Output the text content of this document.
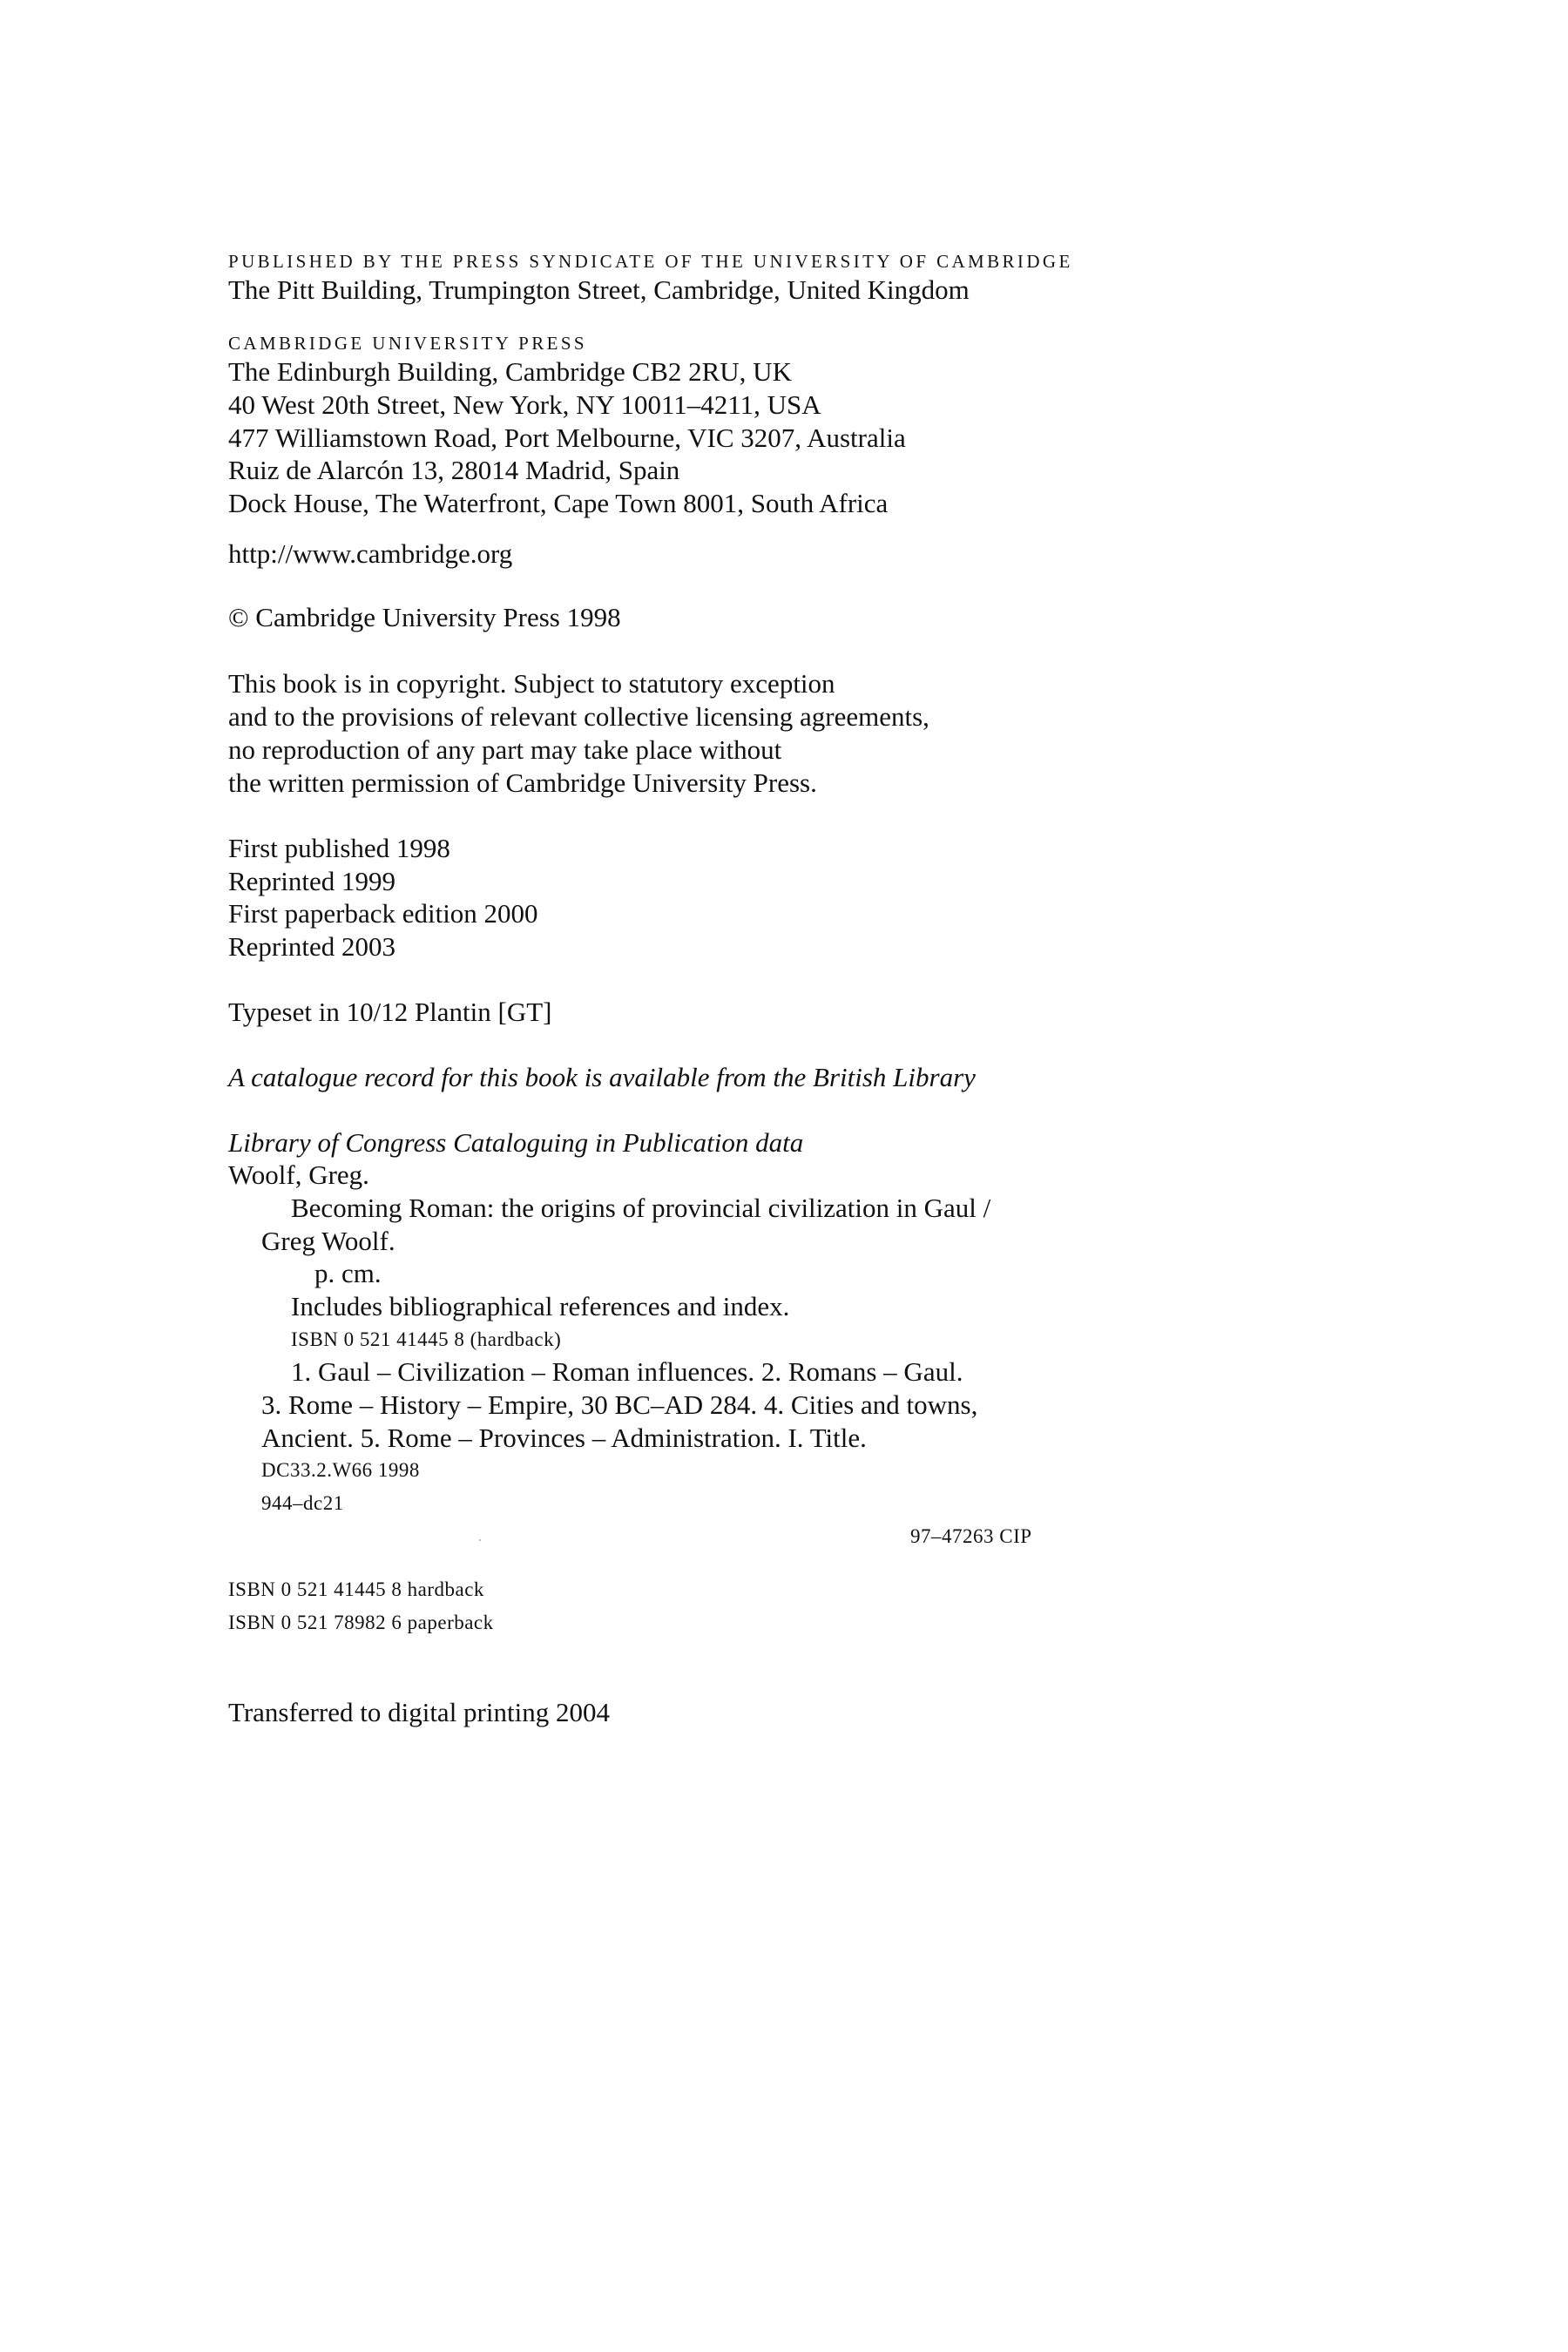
PUBLISHED BY THE PRESS SYNDICATE OF THE UNIVERSITY OF CAMBRIDGE
The Pitt Building, Trumpington Street, Cambridge, United Kingdom
CAMBRIDGE UNIVERSITY PRESS
The Edinburgh Building, Cambridge CB2 2RU, UK
40 West 20th Street, New York, NY 10011–4211, USA
477 Williamstown Road, Port Melbourne, VIC 3207, Australia
Ruiz de Alarcón 13, 28014 Madrid, Spain
Dock House, The Waterfront, Cape Town 8001, South Africa
http://www.cambridge.org
© Cambridge University Press 1998
This book is in copyright. Subject to statutory exception
and to the provisions of relevant collective licensing agreements,
no reproduction of any part may take place without
the written permission of Cambridge University Press.
First published 1998
Reprinted 1999
First paperback edition 2000
Reprinted 2003
Typeset in 10/12 Plantin [GT]
A catalogue record for this book is available from the British Library
Library of Congress Cataloguing in Publication data
Woolf, Greg.
Becoming Roman: the origins of provincial civilization in Gaul /
Greg Woolf.
p. cm.
Includes bibliographical references and index.
ISBN 0 521 41445 8 (hardback)
1. Gaul – Civilization – Roman influences. 2. Romans – Gaul.
3. Rome – History – Empire, 30 BC–AD 284. 4. Cities and towns,
Ancient. 5. Rome – Provinces – Administration. I. Title.
DC33.2.W66 1998
944–dc21
97–47263 CIP
ISBN 0 521 41445 8 hardback
ISBN 0 521 78982 6 paperback
Transferred to digital printing 2004
